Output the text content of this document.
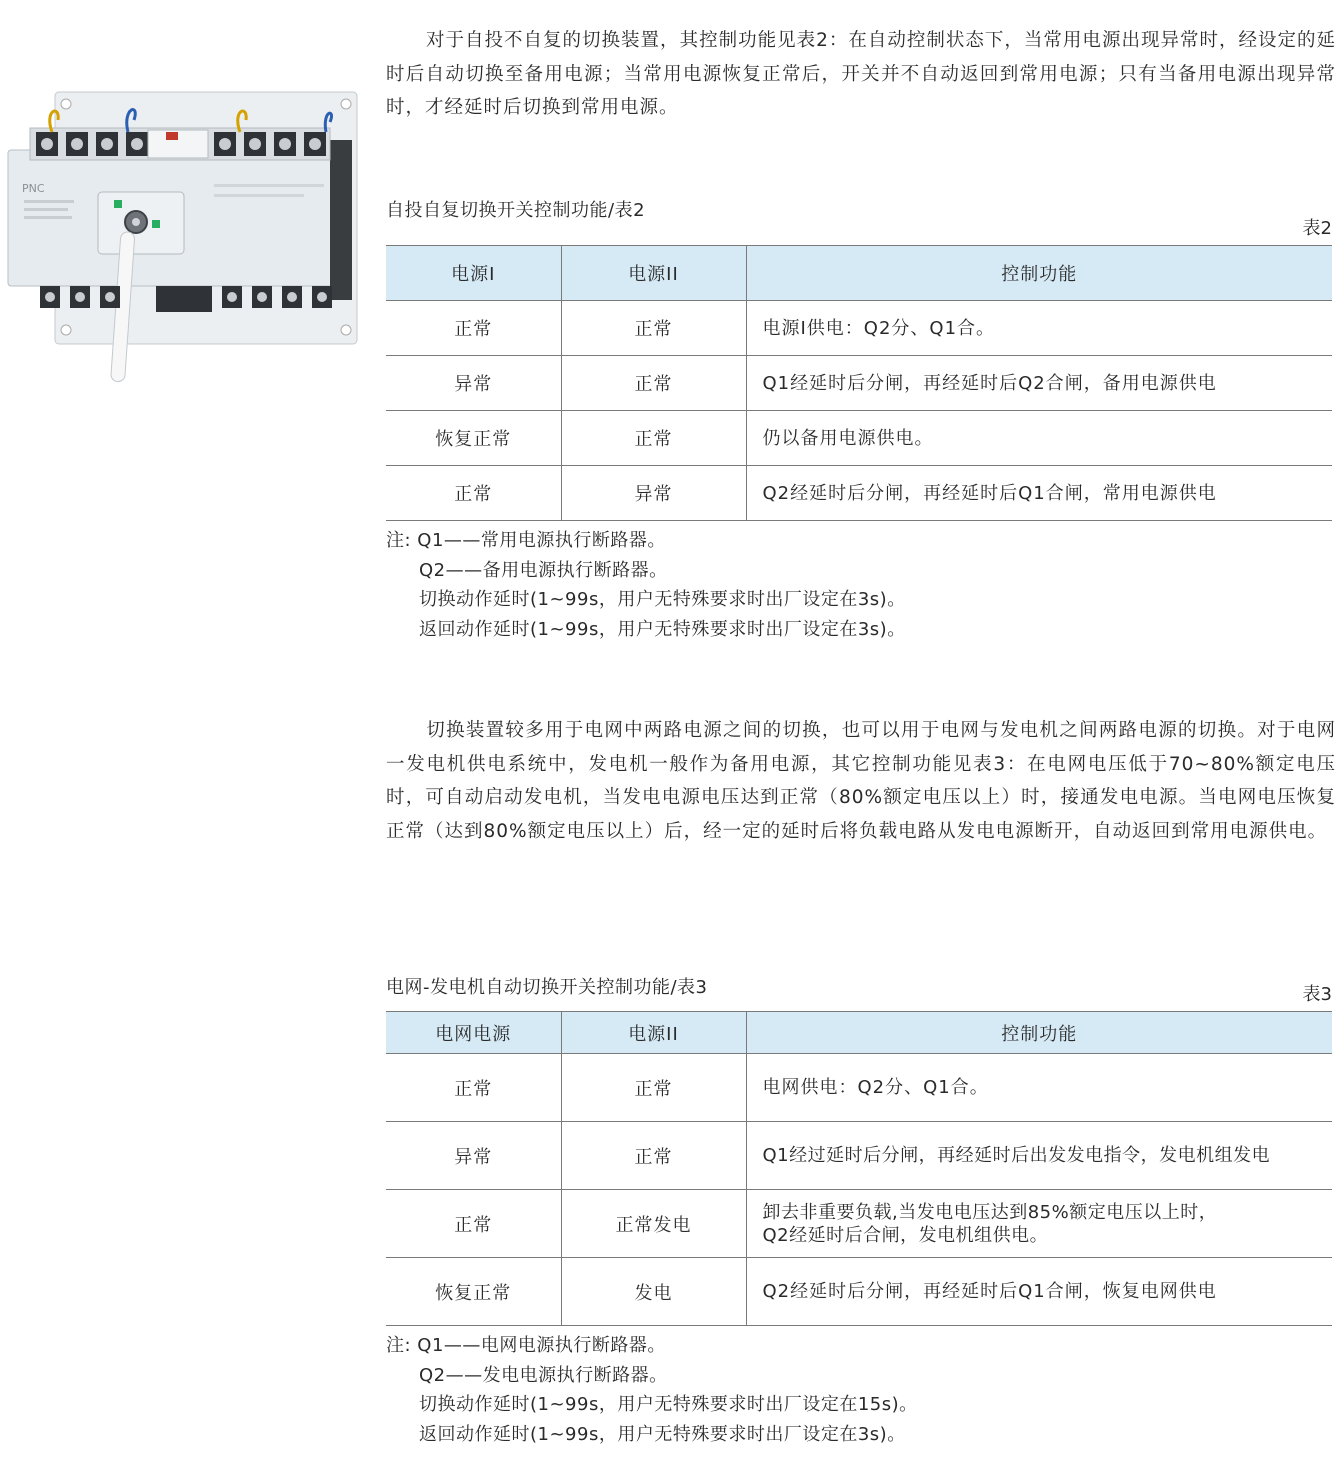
PNC

对于自投不自复的切换装置，其控制功能见表2：在自动控制状态下，当常用电源出现异常时，经设定的延时后自动切换至备用电源；当常用电源恢复正常后，开关并不自动返回到常用电源；只有当备用电源出现异常时，才经延时后切换到常用电源。

自投自复切换开关控制功能/表2
表2
电源I	电源II	控制功能
正常	正常	电源I供电：Q2分、Q1合。
异常	正常	Q1经延时后分闸，再经延时后Q2合闸，备用电源供电
恢复正常	正常	仍以备用电源供电。
正常	异常	Q2经延时后分闸，再经延时后Q1合闸，常用电源供电
注: Q1——常用电源执行断路器。
Q2——备用电源执行断路器。
切换动作延时(1~99s，用户无特殊要求时出厂设定在3s)。
返回动作延时(1~99s，用户无特殊要求时出厂设定在3s)。

切换装置较多用于电网中两路电源之间的切换，也可以用于电网与发电机之间两路电源的切换。对于电网一发电机供电系统中，发电机一般作为备用电源，其它控制功能见表3：在电网电压低于70~80%额定电压时，可自动启动发电机，当发电电源电压达到正常（80%额定电压以上）时，接通发电电源。当电网电压恢复正常（达到80%额定电压以上）后，经一定的延时后将负载电路从发电电源断开，自动返回到常用电源供电。

电网-发电机自动切换开关控制功能/表3	表3
电网电源	电源II	控制功能
正常	正常	电网供电：Q2分、Q1合。
异常	正常	Q1经过延时后分闸，再经延时后出发发电指令，发电机组发电
正常	正常发电	卸去非重要负载,当发电电压达到85%额定电压以上时，
Q2经延时后合闸，发电机组供电。
恢复正常	发电	Q2经延时后分闸，再经延时后Q1合闸，恢复电网供电
注: Q1——电网电源执行断路器。
Q2——发电电源执行断路器。
切换动作延时(1~99s，用户无特殊要求时出厂设定在15s)。
返回动作延时(1~99s，用户无特殊要求时出厂设定在3s)。
